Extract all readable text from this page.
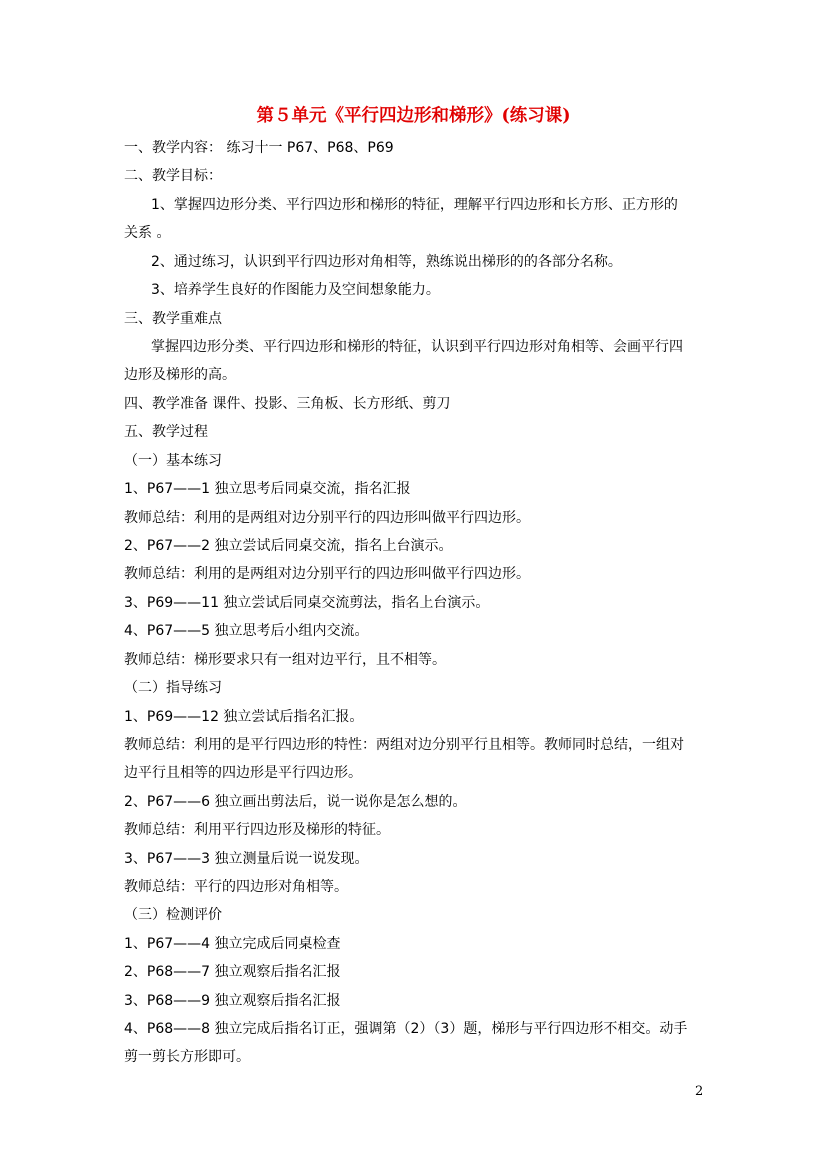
第５单元《平行四边形和梯形》(练习课)
一、教学内容： 练习十一 P67、P68、P69
二、教学目标：
1、掌握四边形分类、平行四边形和梯形的特征，理解平行四边形和长方形、正方形的
关系 。
2、通过练习，认识到平行四边形对角相等，熟练说出梯形的的各部分名称。
3、培养学生良好的作图能力及空间想象能力。
三、教学重难点
掌握四边形分类、平行四边形和梯形的特征，认识到平行四边形对角相等、会画平行四
边形及梯形的高。
四、教学准备 课件、投影、三角板、长方形纸、剪刀
五、教学过程
（一）基本练习
1、P67——1 独立思考后同桌交流，指名汇报
教师总结：利用的是两组对边分别平行的四边形叫做平行四边形。
2、P67——2 独立尝试后同桌交流，指名上台演示。
教师总结：利用的是两组对边分别平行的四边形叫做平行四边形。
3、P69——11 独立尝试后同桌交流剪法，指名上台演示。
4、P67——5 独立思考后小组内交流。
教师总结：梯形要求只有一组对边平行，且不相等。
（二）指导练习
1、P69——12 独立尝试后指名汇报。
教师总结：利用的是平行四边形的特性：两组对边分别平行且相等。教师同时总结，一组对
边平行且相等的四边形是平行四边形。
2、P67——6 独立画出剪法后，说一说你是怎么想的。
教师总结：利用平行四边形及梯形的特征。
3、P67——3 独立测量后说一说发现。
教师总结：平行的四边形对角相等。
（三）检测评价
1、P67——4 独立完成后同桌检查
2、P68——7 独立观察后指名汇报
3、P68——9 独立观察后指名汇报
4、P68——8 独立完成后指名订正，强调第（2）（3）题，梯形与平行四边形不相交。动手
剪一剪长方形即可。
2
